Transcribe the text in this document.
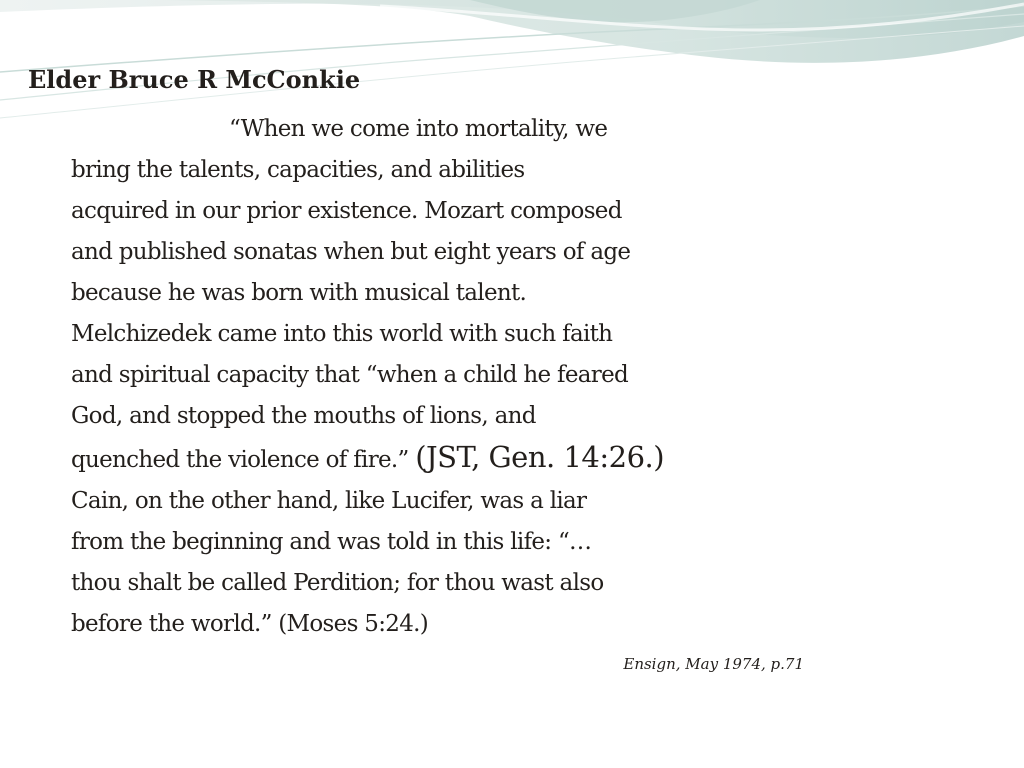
Elder Bruce R McConkie

“When we come into mortality, we
bring the talents, capacities, and abilities
acquired in our prior existence. Mozart composed
and published sonatas when but eight years of age
because he was born with musical talent.
Melchizedek came into this world with such faith
and spiritual capacity that “when a child he feared
God, and stopped the mouths of lions, and
quenched the violence of fire.” (JST, Gen. 14:26.)
Cain, on the other hand, like Lucifer, was a liar
from the beginning and was told in this life: “…
thou shalt be called Perdition; for thou wast also
before the world.” (Moses 5:24.)

Ensign, May 1974, p.71
